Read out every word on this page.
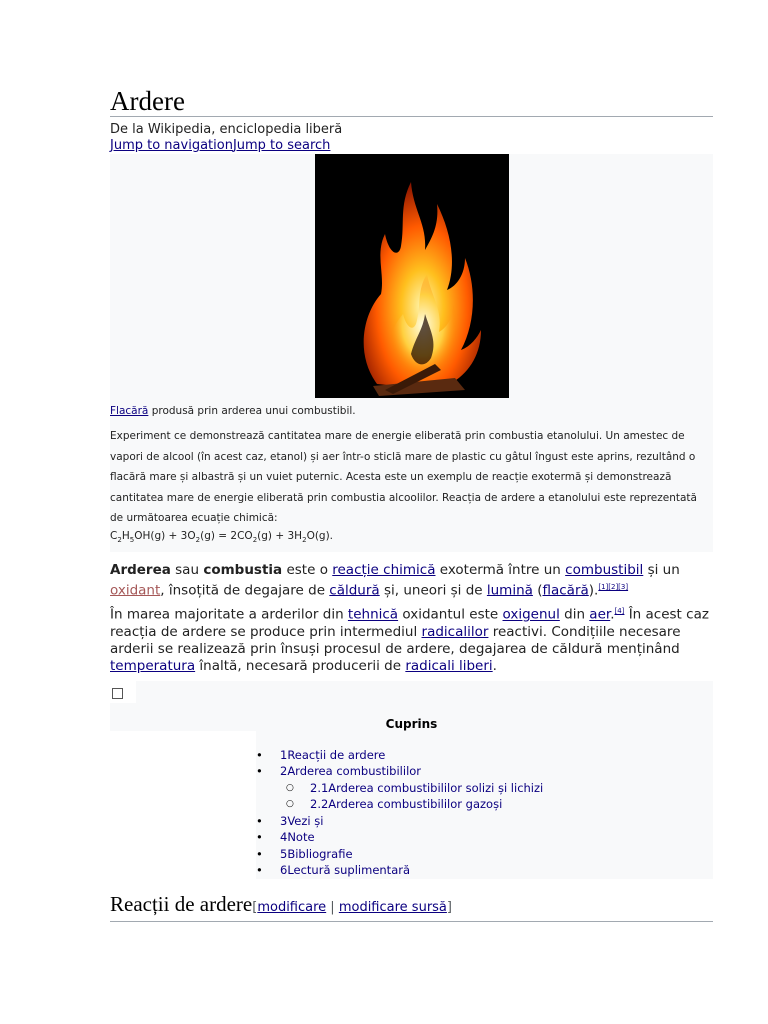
Ardere
De la Wikipedia, enciclopedia liberă
Jump to navigationJump to search
Flacără produsă prin arderea unui combustibil.
Experiment ce demonstrează cantitatea mare de energie eliberată prin combustia etanolului. Un amestec de vapori de alcool (în acest caz, etanol) și aer într-o sticlă mare de plastic cu gâtul îngust este aprins, rezultând o flacără mare și albastră și un vuiet puternic. Acesta este un exemplu de reacție exotermă și demonstrează cantitatea mare de energie eliberată prin combustia alcoolilor. Reacția de ardere a etanolului este reprezentată de următoarea ecuație chimică:
$C_2H_5OH(g) + 3O_2(g) = 2CO_2(g) + 3H_2O(g)$.

Arderea sau combustia este o reacție chimică exotermă între un combustibil și un oxidant, însoțită de degajare de căldură și, uneori și de lumină (flacără).[1][2][3]

În marea majoritate a arderilor din tehnică oxidantul este oxigenul din aer.[4] În acest caz reacția de ardere se produce prin intermediul radicalilor reactivi. Condițiile necesare arderii se realizează prin însuși procesul de ardere, degajarea de căldură menținând temperatura înaltă, necesară producerii de radicali liberi.

Cuprins
• 1Reacții de ardere
• 2Arderea combustibililor
○ 2.1Arderea combustibililor solizi și lichizi
○ 2.2Arderea combustibililor gazoși
• 3Vezi și
• 4Note
• 5Bibliografie
• 6Lectură suplimentară
Reacții de ardere[modificare | modificare sursă]
